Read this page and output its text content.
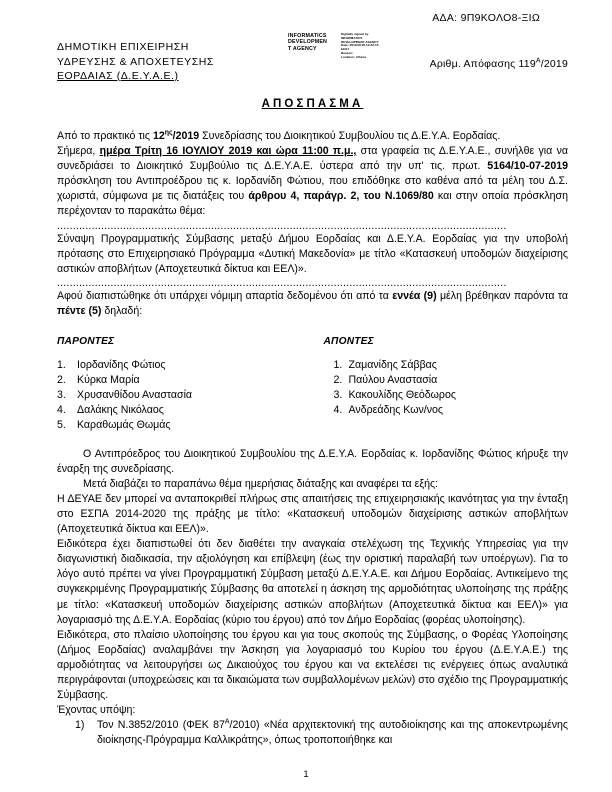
ΑΔΑ: 9Π9ΚΟΛΟ8-ΞΙΩ
ΔΗΜΟΤΙΚΗ ΕΠΙΧΕΙΡΗΣΗ
ΥΔΡΕΥΣΗΣ & ΑΠΟΧΕΤΕΥΣΗΣ
ΕΟΡΔΑΙΑΣ (Δ.Ε.Υ.Α.Ε.)
INFORMATICS
DEVELOPMEN
T AGENCY
Digitally signed by
INFORMATICS
DEVELOPMENT AGENCY
Date: 2019.08.20 12:22:13
EEST
Reason:
Location: Athens
Αριθμ. Απόφασης $119^A/2019$
ΑΠΟΣΠΑΣΜΑ

Από το πρακτικό τις $12^{\eta\varsigma}/2019$ Συνεδρίασης του Διοικητικού Συμβουλίου τις Δ.Ε.Υ.Α. Εορδαίας.

Σήμερα, ημέρα Τρίτη 16 ΙΟΥΛΙΟΥ 2019 και ώρα 11:00 π.μ., στα γραφεία τις Δ.Ε.Υ.Α.Ε., συνήλθε για να συνεδριάσει το Διοικητικό Συμβούλιο τις Δ.Ε.Υ.Α.Ε. ύστερα από την υπ' τις. πρωτ. 5164/10-07-2019 πρόσκληση του Αντιπροέδρου τις κ. Ιορδανίδη Φώτιου, που επιδόθηκε στο καθένα από τα μέλη του Δ.Σ. χωριστά, σύμφωνα με τις διατάξεις του άρθρου 4, παράγρ. 2, του Ν.1069/80 και στην οποία πρόσκληση περέχονταν το παρακάτω θέμα:

...............................................................................................................................................
Σύναψη Προγραμματικής Σύμβασης μεταξύ Δήμου Εορδαίας και Δ.Ε.Υ.Α. Εορδαίας για την υποβολή πρότασης στο Επιχειρησιακό Πρόγραμμα «Δυτική Μακεδονία» με τίτλο «Κατασκευή υποδομών διαχείρισης αστικών αποβλήτων (Αποχετευτικά δίκτυα και ΕΕΛ)».
...............................................................................................................................................

Αφού διαπιστώθηκε ότι υπάρχει νόμιμη απαρτία δεδομένου ότι από τα εννέα (9) μέλη βρέθηκαν παρόντα τα πέντε (5) δηλαδή:

ΠΑΡΟΝΤΕΣ
1. Ιορδανίδης Φώτιος
2. Κύρκα Μαρία
3. Χρυσανθίδου Αναστασία
4. Δαλάκης Νικόλαος
5. Καραθωμάς Θωμάς
ΑΠΟΝΤΕΣ
1. Ζαμανίδης Σάββας
2. Παύλου Αναστασία
3. Κακουλίδης Θεόδωρος
4. Ανδρεάδης Κων/νος

Ο Αντιπρόεδρος του Διοικητικού Συμβουλίου της Δ.Ε.Υ.Α. Εορδαίας κ. Ιορδανίδης Φώτιος κήρυξε την έναρξη της συνεδρίασης.

Μετά διαβάζει το παραπάνω θέμα ημερήσιας διάταξης και αναφέρει τα εξής:

Η ΔΕΥΑΕ δεν μπορεί να ανταποκριθεί πλήρως στις απαιτήσεις της επιχειρησιακής ικανότητας για την ένταξη στο ΕΣΠΑ 2014-2020 της πράξης με τίτλο: «Κατασκευή υποδομών διαχείρισης αστικών αποβλήτων (Αποχετευτικά δίκτυα και ΕΕΛ)».

Ειδικότερα έχει διαπιστωθεί ότι δεν διαθέτει την αναγκαία στελέχωση της Τεχνικής Υπηρεσίας για την διαγωνιστική διαδικασία, την αξιολόγηση και επίβλεψη (έως την οριστική παραλαβή των υποέργων). Για το λόγο αυτό πρέπει να γίνει Προγραμματική Σύμβαση μεταξύ Δ.Ε.Υ.Α.Ε. και Δήμου Εορδαίας. Αντικείμενο της συγκεκριμένης Προγραμματικής Σύμβασης θα αποτελεί η άσκηση της αρμοδιότητας υλοποίησης της πράξης με τίτλο: «Κατασκευή υποδομών διαχείρισης αστικών αποβλήτων (Αποχετευτικά δίκτυα και ΕΕΛ)» για λογαριασμό της Δ.Ε.Υ.Α. Εορδαίας (κύριο του έργου) από τον Δήμο Εορδαίας (φορέας υλοποίησης).

Ειδικότερα, στο πλαίσιο υλοποίησης του έργου και για τους σκοπούς της Σύμβασης, ο Φορέας Υλοποίησης (Δήμος Εορδαίας) αναλαμβάνει την Άσκηση για λογαριασμό του Κυρίου του έργου (Δ.Ε.Υ.Α.Ε.) της αρμοδιότητας να λειτουργήσει ως Δικαιούχος του έργου και να εκτελέσει τις ενέργειες όπως αναλυτικά περιγράφονται (υποχρεώσεις και τα δικαιώματα των συμβαλλομένων μελών) στο σχέδιο της Προγραμματικής Σύμβασης.

Έχοντας υπόψη:

1)	Τον Ν.3852/2010 (ΦΕΚ $87^A/2010$) «Νέα αρχιτεκτονική της αυτοδιοίκησης και της αποκεντρωμένης διοίκησης-Πρόγραμμα Καλλικράτης», όπως τροποποιήθηκε και
1
